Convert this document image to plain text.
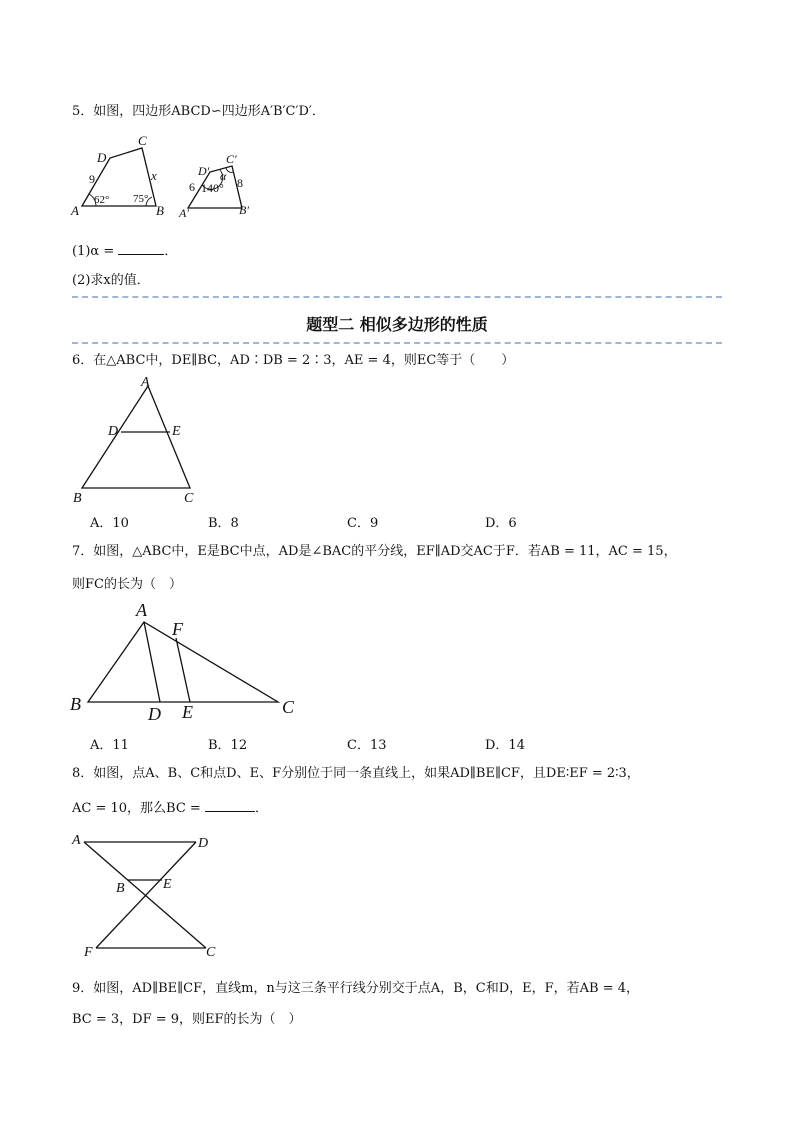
5．如图，四边形ABCD∽四边形A′B′C′D′．
A	B
C
D
9	x
62° 75°
A′	B′
C′
D′
6	8
140°
α
(1)α =	．
(2)求x的值．
题型二 相似多边形的性质
6．在△ABC中，DE∥BC，AD∶DB = 2∶3，AE = 4，则EC等于（　　）
A
B	C
D	E
A．10	B．8	C．9	D．6
7．如图，△ABC中，E是BC中点，AD是∠BAC的平分线，EF∥AD交AC于F．若AB = 11，AC = 15，
则FC的长为（　）
A
B	C
D E
F
A．11	B．12	C．13	D．14
8．如图，点A、B、C和点D、E、F分别位于同一条直线上，如果AD∥BE∥CF，且DE∶EF = 2∶3，
AC = 10，那么BC =	．
A	D
B	E
F	C
9．如图，AD∥BE∥CF，直线m，n与这三条平行线分别交于点A，B，C和D，E，F，若AB = 4，
BC = 3，DF = 9，则EF的长为（　）
